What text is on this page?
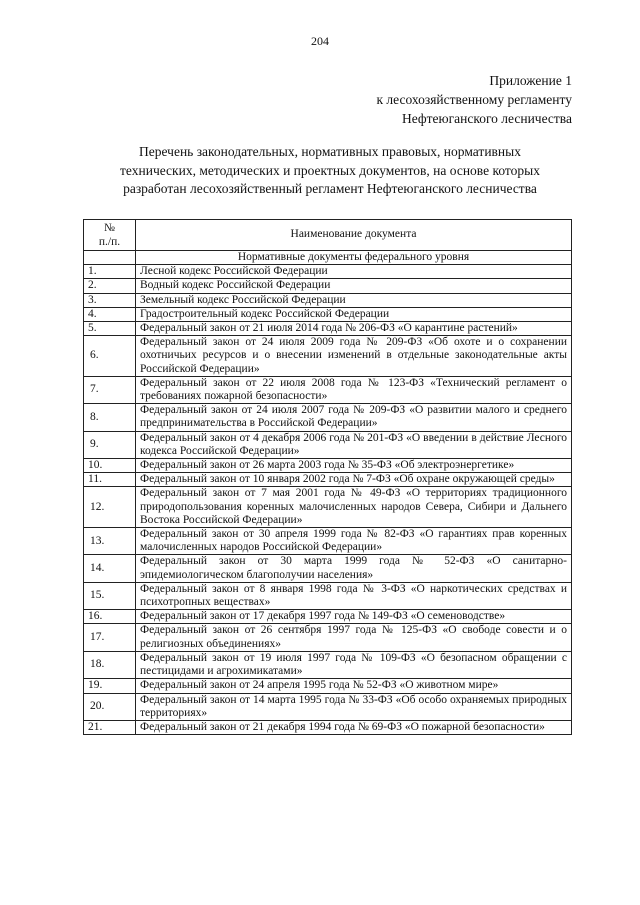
204
Приложение 1
к лесохозяйственному регламенту
Нефтеюганского лесничества
Перечень законодательных, нормативных правовых, нормативных
технических, методических и проектных документов, на основе которых
разработан лесохозяйственный регламент Нефтеюганского лесничества
№
п./п.	Наименование документа
	Нормативные документы федерального уровня
1.	Лесной кодекс Российской Федерации
2.	Водный кодекс Российской Федерации
3.	Земельный кодекс Российской Федерации
4.	Градостроительный кодекс Российской Федерации
5.	Федеральный закон от 21 июля 2014 года № 206-ФЗ «О карантине растений»
6.	Федеральный закон от 24 июля 2009 года № 209-ФЗ «Об охоте и о сохранении охотничьих ресурсов и о внесении изменений в отдельные законодательные акты Российской Федерации»
7.	Федеральный закон от 22 июля 2008 года № 123-ФЗ «Технический регламент о требованиях пожарной безопасности»
8.	Федеральный закон от 24 июля 2007 года № 209-ФЗ «О развитии малого и среднего предпринимательства в Российской Федерации»
9.	Федеральный закон от 4 декабря 2006 года № 201-ФЗ «О введении в действие Лесного кодекса Российской Федерации»
10.	Федеральный закон от 26 марта 2003 года № 35-ФЗ «Об электроэнергетике»
11.	Федеральный закон от 10 января 2002 года № 7-ФЗ «Об охране окружающей среды»
12.	Федеральный закон от 7 мая 2001 года № 49-ФЗ «О территориях традиционного природопользования коренных малочисленных народов Севера, Сибири и Дальнего Востока Российской Федерации»
13.	Федеральный закон от 30 апреля 1999 года № 82-ФЗ «О гарантиях прав коренных малочисленных народов Российской Федерации»
14.	Федеральный закон от 30 марта 1999 года № 52-ФЗ «О санитарно-эпидемиологическом благополучии населения»
15.	Федеральный закон от 8 января 1998 года № 3-ФЗ «О наркотических средствах и психотропных веществах»
16.	Федеральный закон от 17 декабря 1997 года № 149-ФЗ «О семеноводстве»
17.	Федеральный закон от 26 сентября 1997 года № 125-ФЗ «О свободе совести и о религиозных объединениях»
18.	Федеральный закон от 19 июля 1997 года № 109-ФЗ «О безопасном обращении с пестицидами и агрохимикатами»
19.	Федеральный закон от 24 апреля 1995 года № 52-ФЗ «О животном мире»
20.	Федеральный закон от 14 марта 1995 года № 33-ФЗ «Об особо охраняемых природных территориях»
21.	Федеральный закон от 21 декабря 1994 года № 69-ФЗ «О пожарной безопасности»
